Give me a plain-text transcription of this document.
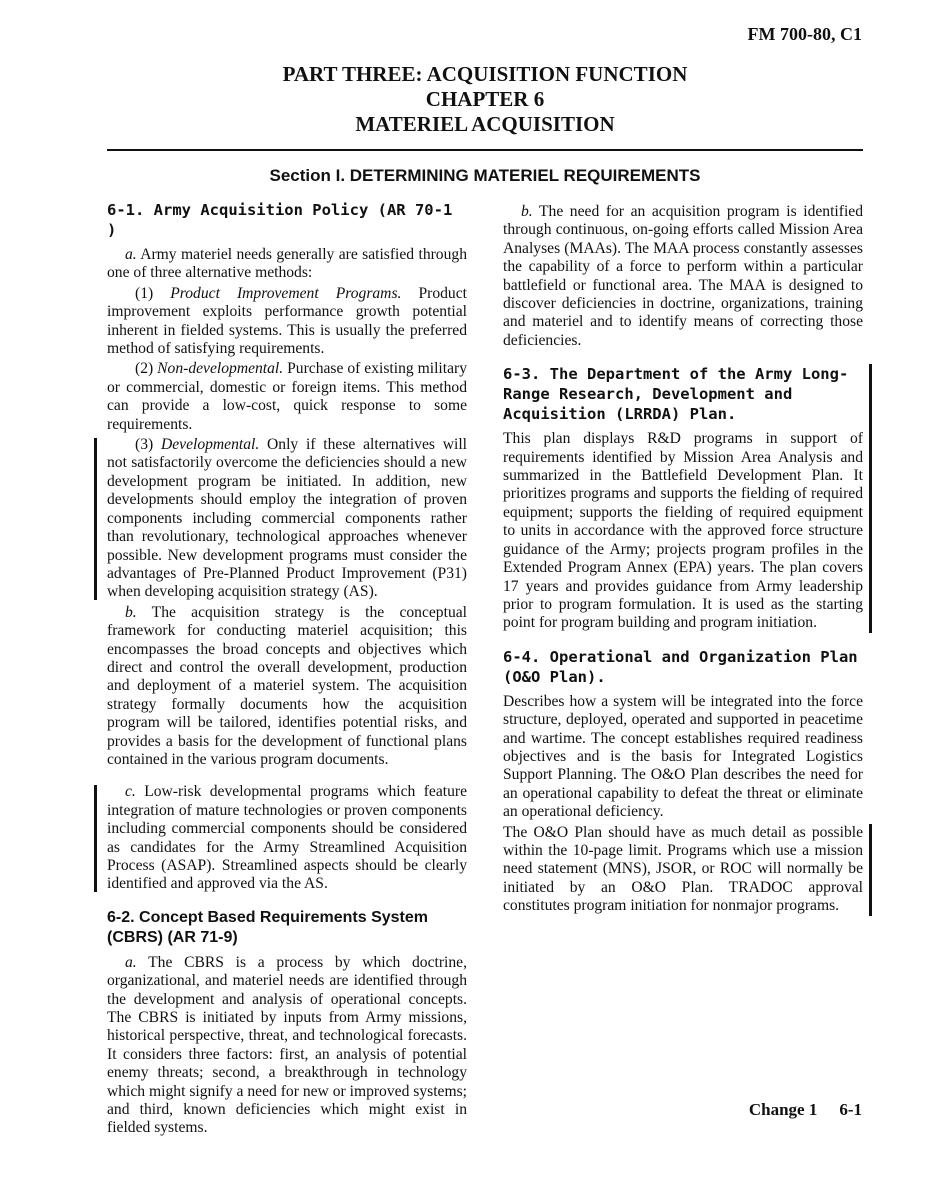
FM 700-80, C1
PART THREE: ACQUISITION FUNCTION
CHAPTER 6
MATERIEL ACQUISITION
Section I. DETERMINING MATERIEL REQUIREMENTS

6-1. Army Acquisition Policy (AR 70-1 )

a. Army materiel needs generally are satisfied through one of three alternative methods:

(1) Product Improvement Programs. Product improvement exploits performance growth potential inherent in fielded systems. This is usually the preferred method of satisfying requirements.

(2) Non-developmental. Purchase of existing military or commercial, domestic or foreign items. This method can provide a low-cost, quick response to some requirements.

(3) Developmental. Only if these alternatives will not satisfactorily overcome the deficiencies should a new development program be initiated. In addition, new developments should employ the integration of proven components including commercial components rather than revolutionary, technological approaches whenever possible. New development programs must consider the advantages of Pre-Planned Product Improvement (P31) when developing acquisition strategy (AS).

b. The acquisition strategy is the conceptual framework for conducting materiel acquisition; this encompasses the broad concepts and objectives which direct and control the overall development, production and deployment of a materiel system. The acquisition strategy formally documents how the acquisition program will be tailored, identifies potential risks, and provides a basis for the development of functional plans contained in the various program documents.

c. Low-risk developmental programs which feature integration of mature technologies or proven components including commercial components should be considered as candidates for the Army Streamlined Acquisition Process (ASAP). Streamlined aspects should be clearly identified and approved via the AS.

6-2. Concept Based Requirements System (CBRS) (AR 71-9)

a. The CBRS is a process by which doctrine, organizational, and materiel needs are identified through the development and analysis of operational concepts. The CBRS is initiated by inputs from Army missions, historical perspective, threat, and technological forecasts. It considers three factors: first, an analysis of potential enemy threats; second, a breakthrough in technology which might signify a need for new or improved systems; and third, known deficiencies which might exist in fielded systems.

Change 1 6-1

b. The need for an acquisition program is identified through continuous, on-going efforts called Mission Area Analyses (MAAs). The MAA process constantly assesses the capability of a force to perform within a particular battlefield or functional area. The MAA is designed to discover deficiencies in doctrine, organizations, training and materiel and to identify means of correcting those deficiencies.

6-3. The Department of the Army Long-Range Research, Development and Acquisition (LRRDA) Plan.

This plan displays R&D programs in support of requirements identified by Mission Area Analysis and summarized in the Battlefield Development Plan. It prioritizes programs and supports the fielding of required equipment; supports the fielding of required equipment to units in accordance with the approved force structure guidance of the Army; projects program profiles in the Extended Program Annex (EPA) years. The plan covers 17 years and provides guidance from Army leadership prior to program formulation. It is used as the starting point for program building and program initiation.

6-4. Operational and Organization Plan (O&O Plan).

Describes how a system will be integrated into the force structure, deployed, operated and supported in peacetime and wartime. The concept establishes required readiness objectives and is the basis for Integrated Logistics Support Planning. The O&O Plan describes the need for an operational capability to defeat the threat or eliminate an operational deficiency.

The O&O Plan should have as much detail as possible within the 10-page limit. Programs which use a mission need statement (MNS), JSOR, or ROC will normally be initiated by an O&O Plan. TRADOC approval constitutes program initiation for nonmajor programs.
